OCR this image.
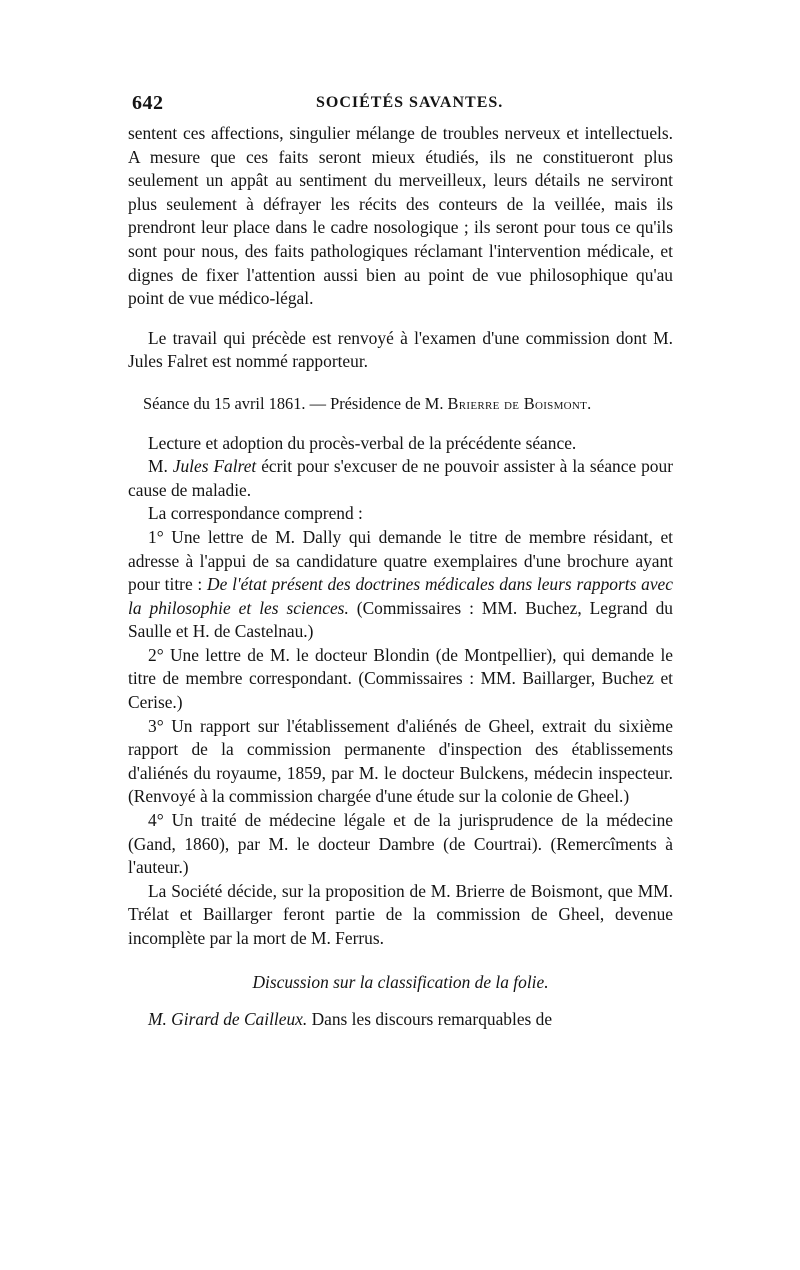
642	SOCIÉTÉS SAVANTES.

sentent ces affections, singulier mélange de troubles nerveux et intellectuels. A mesure que ces faits seront mieux étudiés, ils ne constitueront plus seulement un appât au sentiment du merveilleux, leurs détails ne serviront plus seulement à défrayer les récits des conteurs de la veillée, mais ils prendront leur place dans le cadre nosologique ; ils seront pour tous ce qu'ils sont pour nous, des faits pathologiques réclamant l'intervention médicale, et dignes de fixer l'attention aussi bien au point de vue philosophique qu'au point de vue médico-légal.

Le travail qui précède est renvoyé à l'examen d'une commission dont M. Jules Falret est nommé rapporteur.

Séance du 15 avril 1861. — Présidence de M. Brierre de Boismont.

Lecture et adoption du procès-verbal de la précédente séance.

M. Jules Falret écrit pour s'excuser de ne pouvoir assister à la séance pour cause de maladie.

La correspondance comprend :

1° Une lettre de M. Dally qui demande le titre de membre résidant, et adresse à l'appui de sa candidature quatre exemplaires d'une brochure ayant pour titre : De l'état présent des doctrines médicales dans leurs rapports avec la philosophie et les sciences. (Commissaires : MM. Buchez, Legrand du Saulle et H. de Castelnau.)

2° Une lettre de M. le docteur Blondin (de Montpellier), qui demande le titre de membre correspondant. (Commissaires : MM. Baillarger, Buchez et Cerise.)

3° Un rapport sur l'établissement d'aliénés de Gheel, extrait du sixième rapport de la commission permanente d'inspection des établissements d'aliénés du royaume, 1859, par M. le docteur Bulckens, médecin inspecteur. (Renvoyé à la commission chargée d'une étude sur la colonie de Gheel.)

4° Un traité de médecine légale et de la jurisprudence de la médecine (Gand, 1860), par M. le docteur Dambre (de Courtrai). (Remercîments à l'auteur.)

La Société décide, sur la proposition de M. Brierre de Boismont, que MM. Trélat et Baillarger feront partie de la commission de Gheel, devenue incomplète par la mort de M. Ferrus.

Discussion sur la classification de la folie.

M. Girard de Cailleux. Dans les discours remarquables de
